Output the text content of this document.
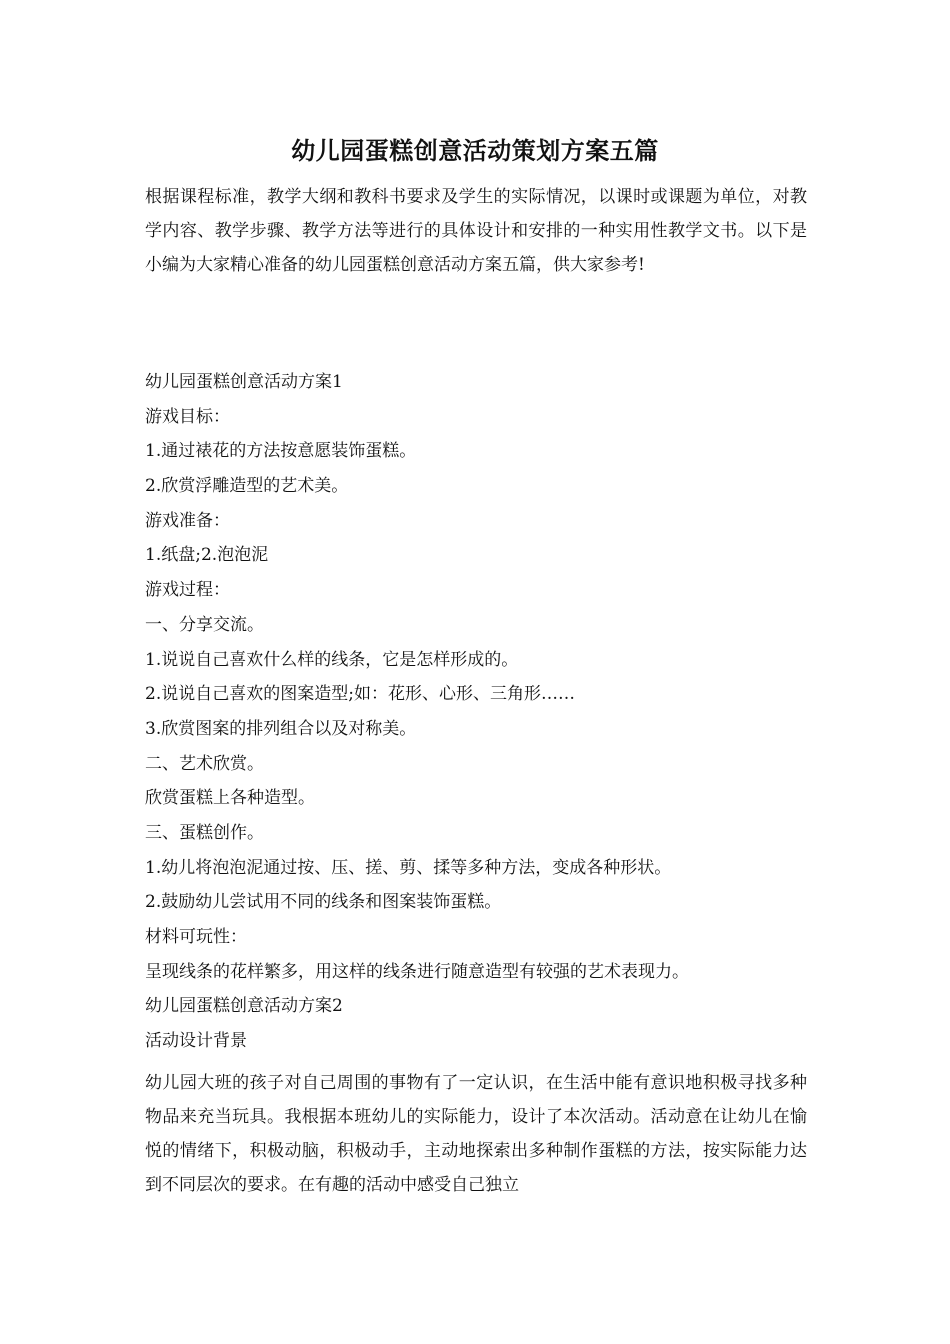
幼儿园蛋糕创意活动策划方案五篇

根据课程标准，教学大纲和教科书要求及学生的实际情况，以课时或课题为单位，对教学内容、教学步骤、教学方法等进行的具体设计和安排的一种实用性教学文书。以下是小编为大家精心准备的幼儿园蛋糕创意活动方案五篇，供大家参考!

幼儿园蛋糕创意活动方案1
游戏目标：
1.通过裱花的方法按意愿装饰蛋糕。
2.欣赏浮雕造型的艺术美。
游戏准备：
1.纸盘;2.泡泡泥
游戏过程：
一、分享交流。
1.说说自己喜欢什么样的线条，它是怎样形成的。
2.说说自己喜欢的图案造型;如：花形、心形、三角形……
3.欣赏图案的排列组合以及对称美。
二、艺术欣赏。
欣赏蛋糕上各种造型。
三、蛋糕创作。
1.幼儿将泡泡泥通过按、压、搓、剪、揉等多种方法，变成各种形状。
2.鼓励幼儿尝试用不同的线条和图案装饰蛋糕。
材料可玩性：
呈现线条的花样繁多，用这样的线条进行随意造型有较强的艺术表现力。
幼儿园蛋糕创意活动方案2
活动设计背景

幼儿园大班的孩子对自己周围的事物有了一定认识，在生活中能有意识地积极寻找多种物品来充当玩具。我根据本班幼儿的实际能力，设计了本次活动。活动意在让幼儿在愉悦的情绪下，积极动脑，积极动手，主动地探索出多种制作蛋糕的方法，按实际能力达到不同层次的要求。在有趣的活动中感受自己独立
